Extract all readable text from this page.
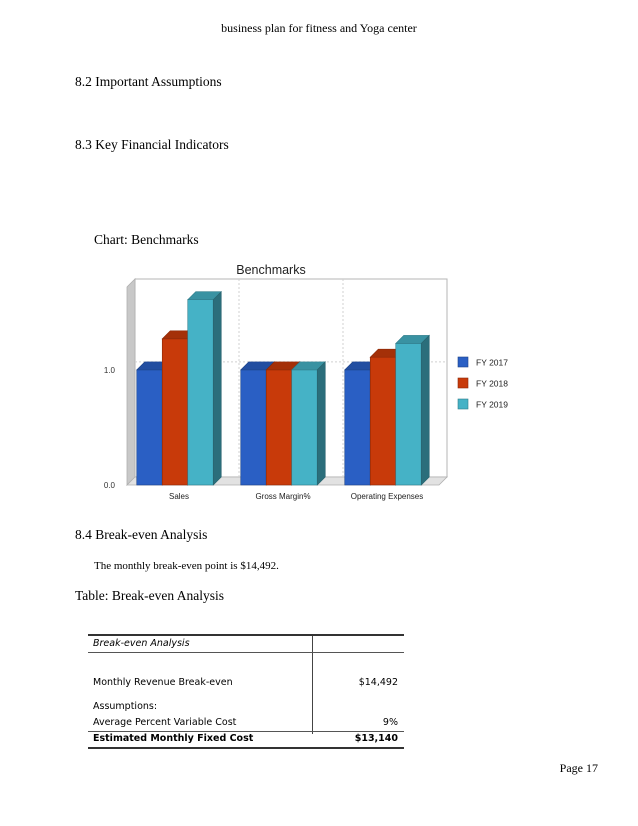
business plan for fitness and Yoga center
8.2 Important Assumptions
8.3 Key Financial Indicators
Chart: Benchmarks
Benchmarks
0.0
1.0
Sales	Gross Margin%	Operating Expenses
FY 2017
FY 2018
FY 2019
8.4 Break-even Analysis
The monthly break-even point is $14,492.
Table: Break-even Analysis
Break-even Analysis
Monthly Revenue Break-even	$14,492
Assumptions:
Average Percent Variable Cost	9%
Estimated Monthly Fixed Cost	$13,140
Page 17
